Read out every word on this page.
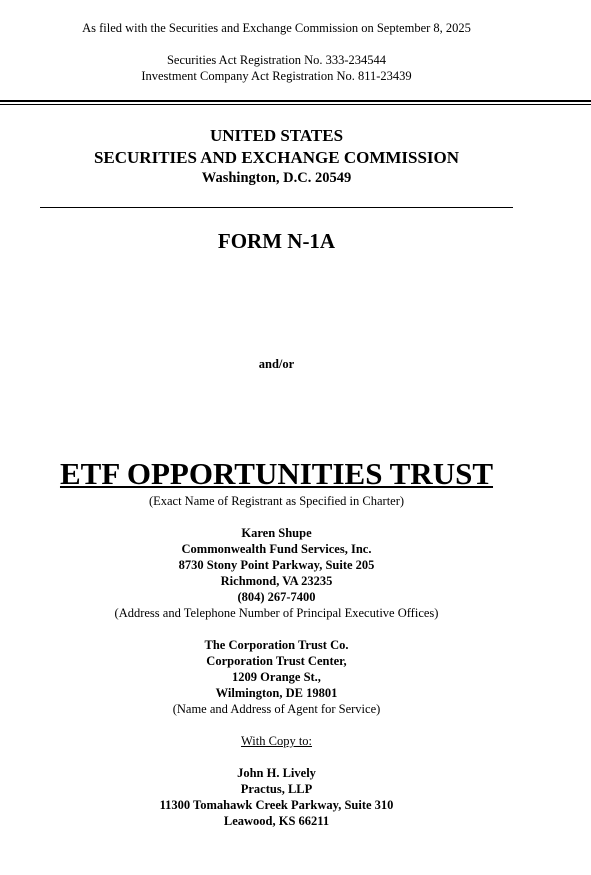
As filed with the Securities and Exchange Commission on September 8, 2025
Securities Act Registration No. 333-234544
Investment Company Act Registration No. 811-23439
UNITED STATES
SECURITIES AND EXCHANGE COMMISSION
Washington, D.C. 20549
FORM N-1A
and/or
ETF OPPORTUNITIES TRUST
(Exact Name of Registrant as Specified in Charter)
Karen Shupe
Commonwealth Fund Services, Inc.
8730 Stony Point Parkway, Suite 205
Richmond, VA 23235
(804) 267-7400
(Address and Telephone Number of Principal Executive Offices)
The Corporation Trust Co.
Corporation Trust Center,
1209 Orange St.,
Wilmington, DE 19801
(Name and Address of Agent for Service)
With Copy to:
John H. Lively
Practus, LLP
11300 Tomahawk Creek Parkway, Suite 310
Leawood, KS 66211
